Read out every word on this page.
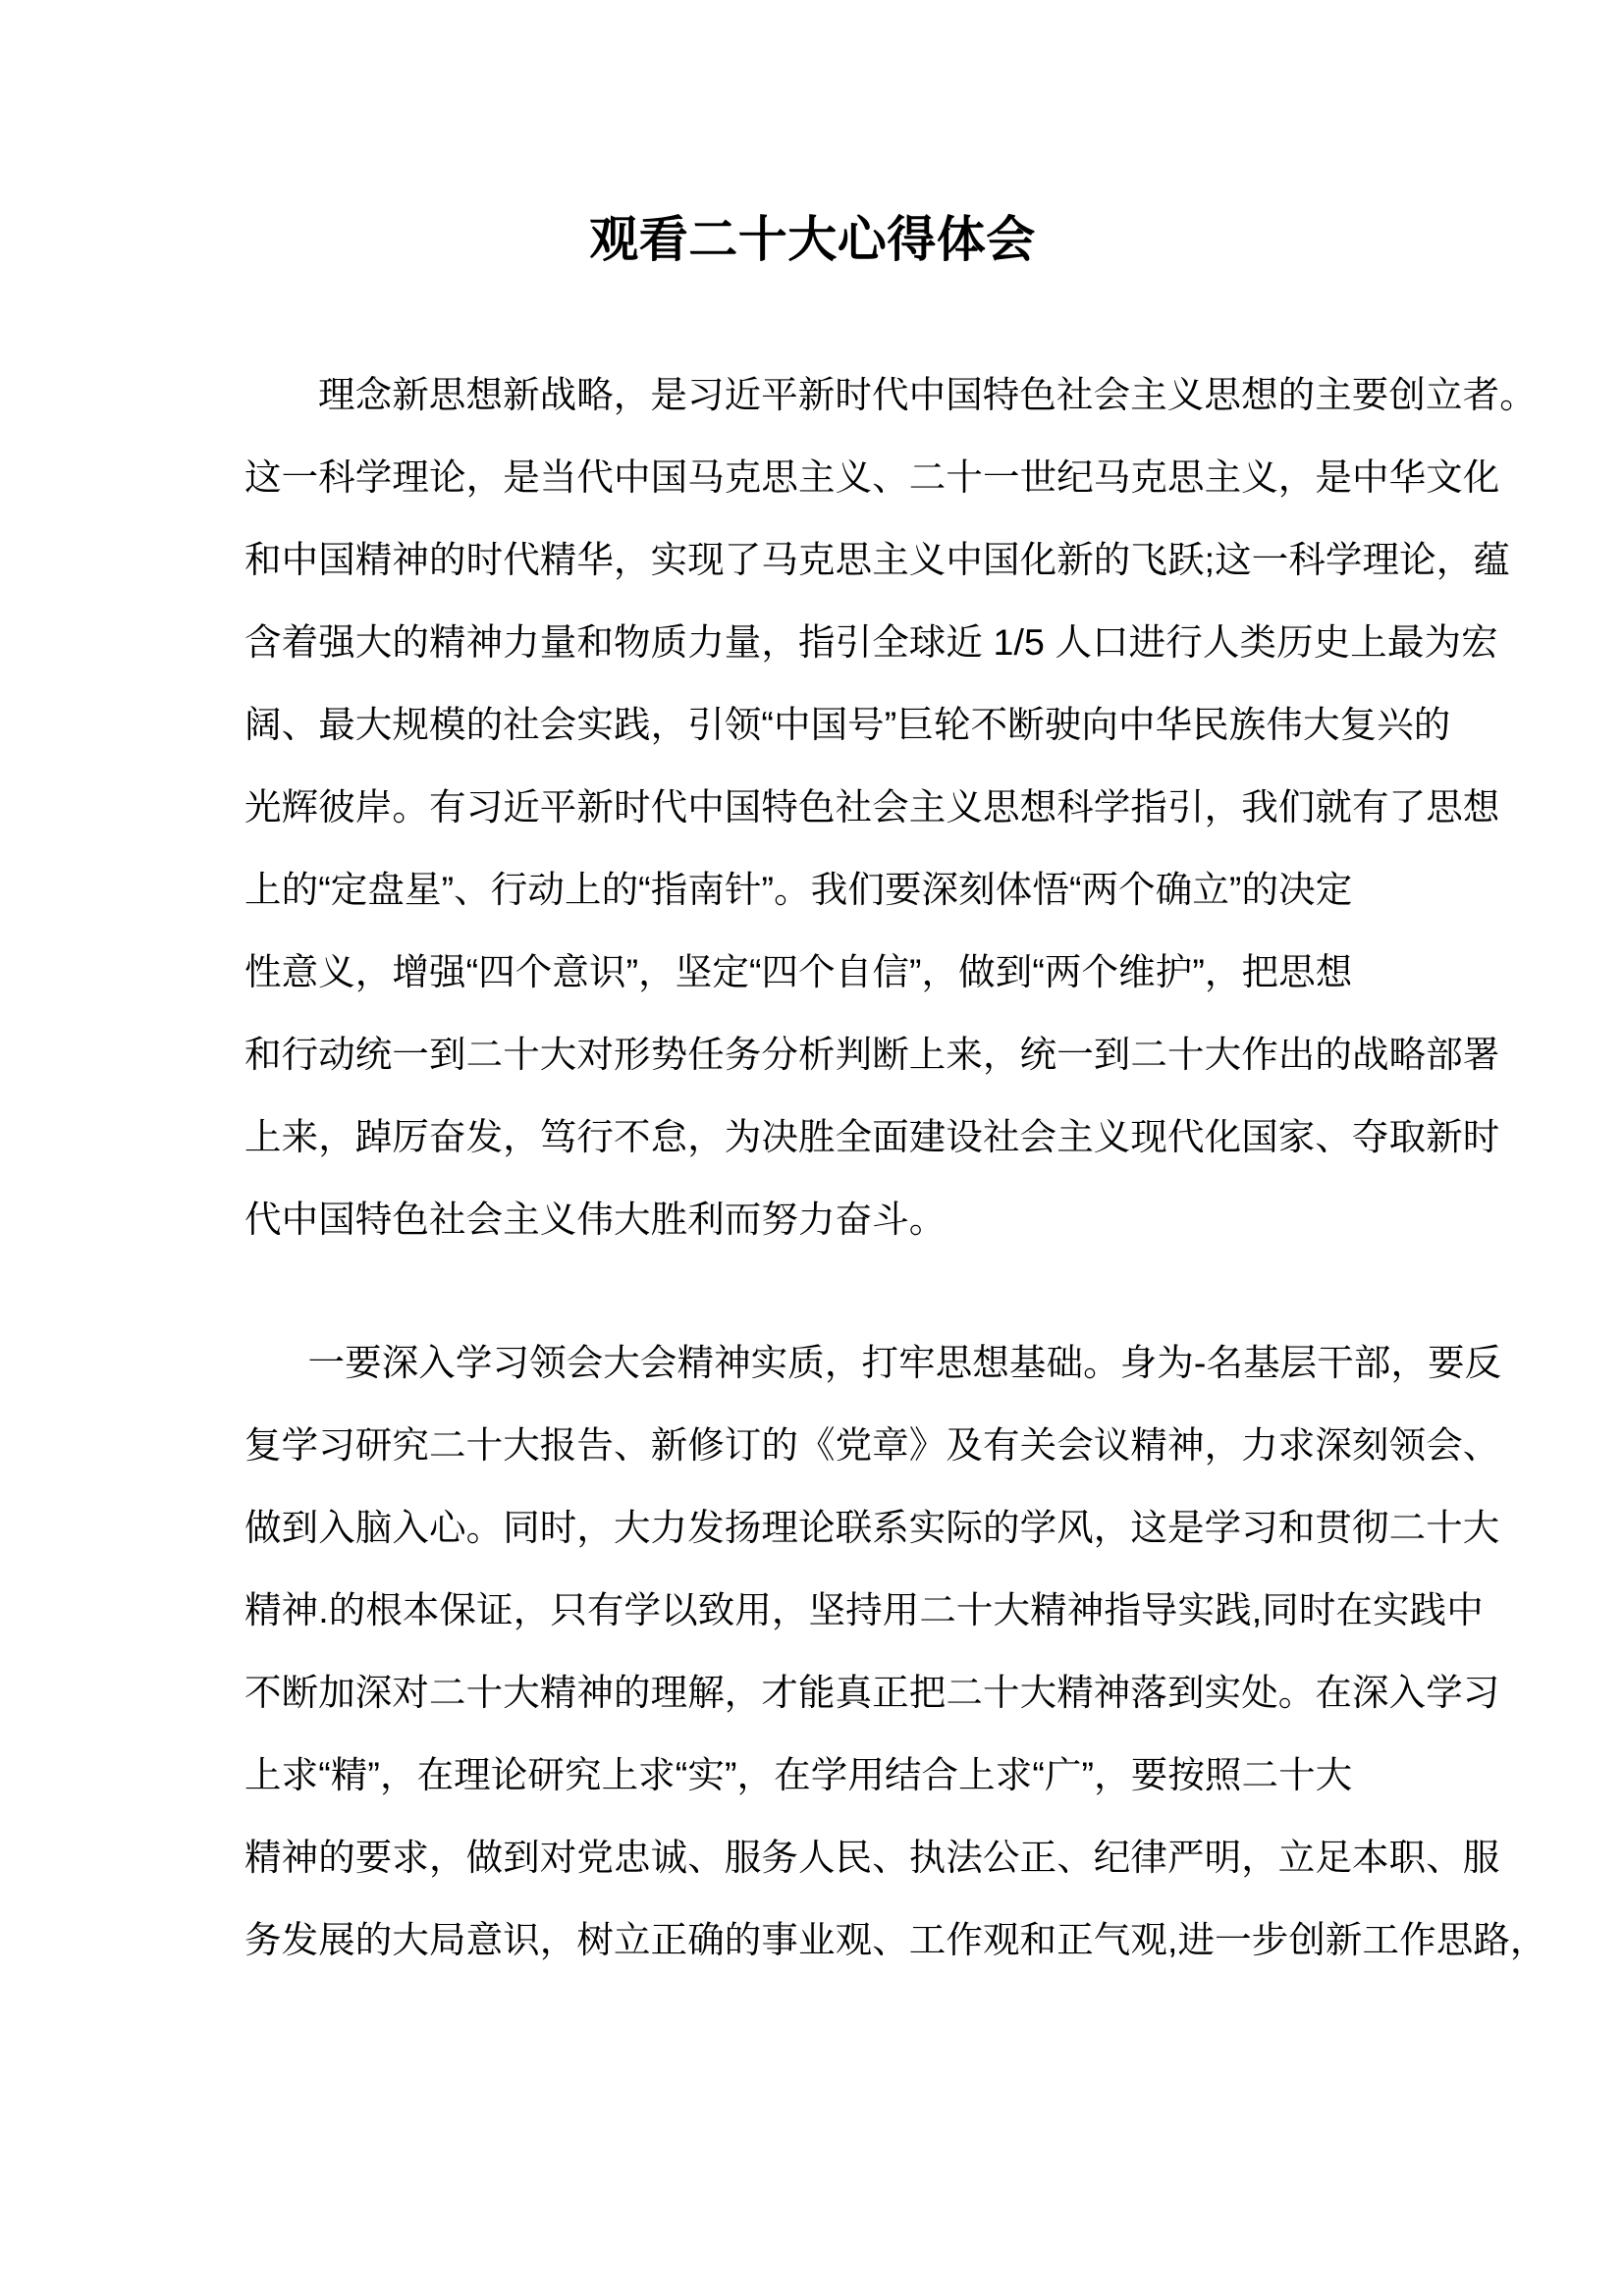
观看二十大心得体会

理念新思想新战略，是习近平新时代中国特色社会主义思想的主要创立者。
这一科学理论，是当代中国马克思主义、二十一世纪马克思主义，是中华文化
和中国精神的时代精华，实现了马克思主义中国化新的飞跃;这一科学理论，蕴
含着强大的精神力量和物质力量，指引全球近 1/5 人口进行人类历史上最为宏
阔、最大规模的社会实践，引领“中国号”巨轮不断驶向中华民族伟大复兴的
光辉彼岸。有习近平新时代中国特色社会主义思想科学指引，我们就有了思想
上的“定盘星”、行动上的“指南针”。我们要深刻体悟“两个确立”的决定
性意义，增强“四个意识”，坚定“四个自信”，做到“两个维护”，把思想
和行动统一到二十大对形势任务分析判断上来，统一到二十大作出的战略部署
上来，踔厉奋发，笃行不怠，为决胜全面建设社会主义现代化国家、夺取新时
代中国特色社会主义伟大胜利而努力奋斗。

一要深入学习领会大会精神实质，打牢思想基础。身为-名基层干部，要反
复学习研究二十大报告、新修订的《党章》及有关会议精神，力求深刻领会、
做到入脑入心。同时，大力发扬理论联系实际的学风，这是学习和贯彻二十大
精神.的根本保证，只有学以致用，坚持用二十大精神指导实践,同时在实践中
不断加深对二十大精神的理解，才能真正把二十大精神落到实处。在深入学习
上求“精”，在理论研究上求“实”，在学用结合上求“广”，要按照二十大
精神的要求，做到对党忠诚、服务人民、执法公正、纪律严明，立足本职、服
务发展的大局意识，树立正确的事业观、工作观和正气观,进一步创新工作思路，
